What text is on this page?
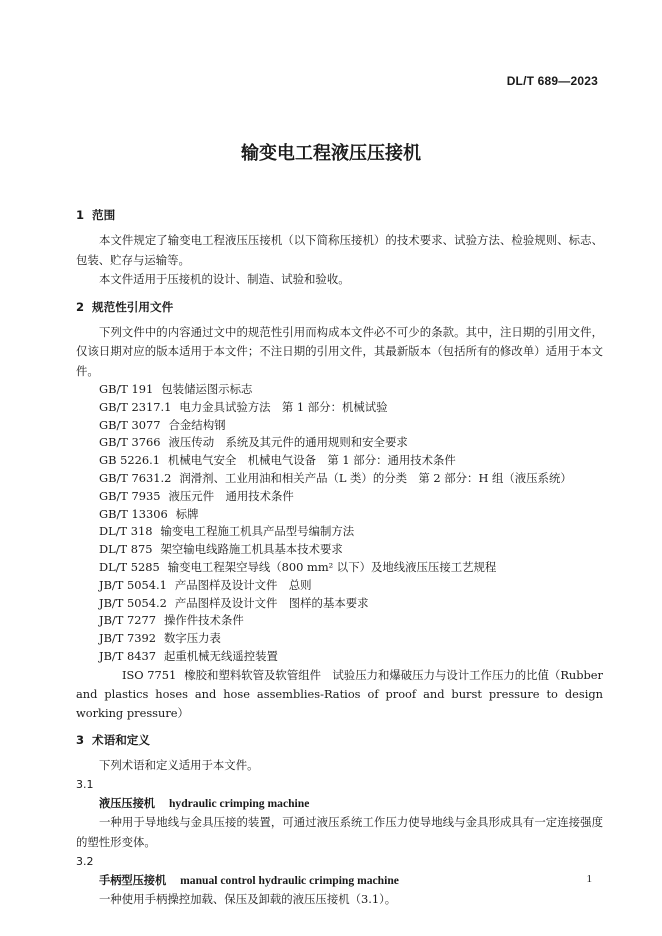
DL/T 689—2023
输变电工程液压压接机
1 范围

本文件规定了输变电工程液压压接机（以下简称压接机）的技术要求、试验方法、检验规则、标志、包装、贮存与运输等。

本文件适用于压接机的设计、制造、试验和验收。

2 规范性引用文件

下列文件中的内容通过文中的规范性引用而构成本文件必不可少的条款。其中，注日期的引用文件，仅该日期对应的版本适用于本文件；不注日期的引用文件，其最新版本（包括所有的修改单）适用于本文件。

GB/T 191 包装储运图示标志
GB/T 2317.1 电力金具试验方法　第 1 部分：机械试验
GB/T 3077 合金结构钢
GB/T 3766 液压传动　系统及其元件的通用规则和安全要求
GB 5226.1 机械电气安全　机械电气设备　第 1 部分：通用技术条件
GB/T 7631.2 润滑剂、工业用油和相关产品（L 类）的分类　第 2 部分：H 组（液压系统）
GB/T 7935 液压元件　通用技术条件
GB/T 13306 标牌
DL/T 318 输变电工程施工机具产品型号编制方法
DL/T 875 架空输电线路施工机具基本技术要求
DL/T 5285 输变电工程架空导线（800 mm² 以下）及地线液压压接工艺规程
JB/T 5054.1 产品图样及设计文件　总则
JB/T 5054.2 产品图样及设计文件　图样的基本要求
JB/T 7277 操作件技术条件
JB/T 7392 数字压力表
JB/T 8437 起重机械无线遥控装置
ISO 7751 橡胶和塑料软管及软管组件　试验压力和爆破压力与设计工作压力的比值（Rubber and plastics hoses and hose assemblies-Ratios of proof and burst pressure to design working pressure）
3 术语和定义

下列术语和定义适用于本文件。

3.1
液压压接机 hydraulic crimping machine

一种用于导地线与金具压接的装置，可通过液压系统工作压力使导地线与金具形成具有一定连接强度的塑性形变体。

3.2
手柄型压接机 manual control hydraulic crimping machine

一种使用手柄操控加载、保压及卸载的液压压接机（3.1）。

1
